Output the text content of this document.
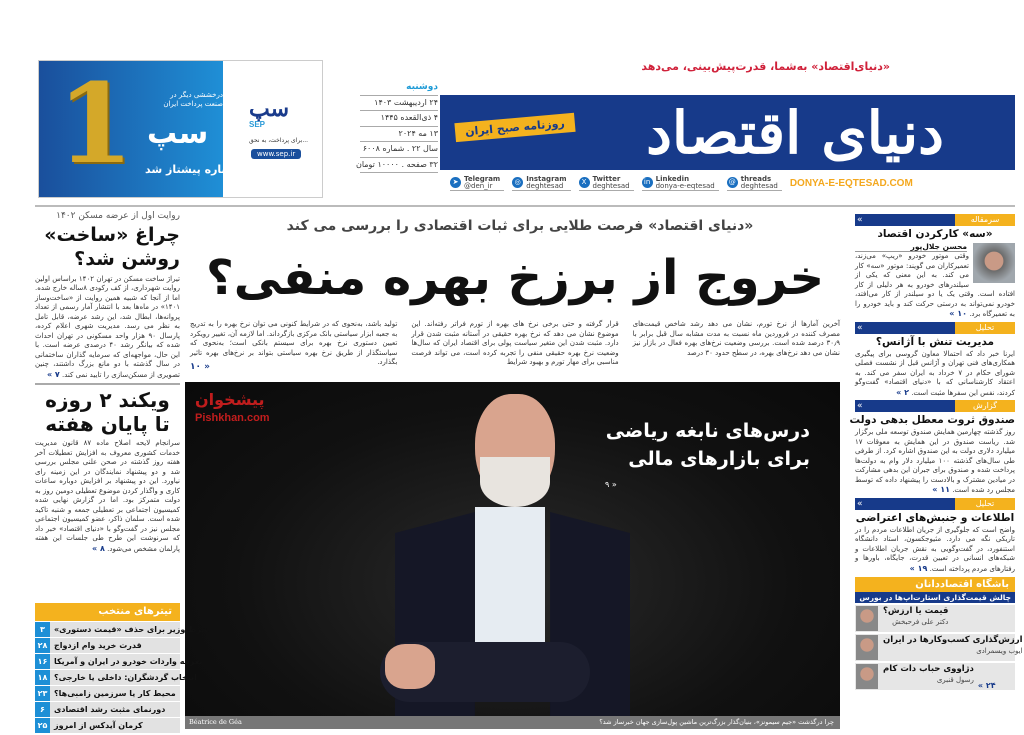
1	درخششی دیگر در صنعت پرداخت ایران
سپ
دوباره پیشتاز شد
سپ
SEP
برای پرداخت، به نحق...
www.sep.ir
«دنیای‌اقتصاد» به‌شما، قدرت‌پیش‌بینی، می‌دهد
دنیای اقتصاد
روزنامه صبح ایران
دوشنبه
۲۴ اردیبهشت ۱۴۰۳
۴ ذی‌القعده ۱۴۴۵
۱۳ مه ۲۰۲۴
سال ۲۲ . شماره ۶۰۰۸
۳۲ صفحه . ۱۰۰۰۰ تومان
➤ Telegram
@den_ir	◎ Instagram
deghtesad	X Twitter
deghtesad	in Linkedin
donya-e-eqtesad @ threads
deghtesad DONYA-E-EQTESAD.COM
«دنیای اقتصاد» فرصت طلایی برای ثبات اقتصادی را بررسی می کند
خروج از برزخ بهره منفی؟
آخرین آمارها از نرخ تورم، نشان می دهد رشد شاخص قیمت‌های مصرف کننده در فروردین ماه نسبت به مدت مشابه سال قبل برابر با ۳۰٫۹ درصد شده است. بررسی وضعیت نرخ‌های بهره فعال در بازار نیز نشان می دهد نرخ‌های بهره، در سطح حدود ۳۰ درصد
قرار گرفته و حتی برخی نرخ های بهره از تورم فراتر رفته‌اند. این موضوع نشان می دهد که نرخ بهره حقیقی در آستانه مثبت شدن قرار دارد. مثبت شدن این متغیر سیاست پولی برای اقتصاد ایران که سال‌ها وضعیت نرخ بهره حقیقی منفی را تجربه کرده است، می تواند فرصت مناسبی برای مهار تورم و بهبود شرایط
تولید باشد، به‌نحوی که در شرایط کنونی می توان نرخ بهره را به تدریج به جعبه ابزار سیاستی بانک مرکزی بازگرداند. اما لازمه آن، تغییر رویکرد تعیین دستوری نرخ بهره برای سیستم بانکی است؛ به‌نحوی که سیاستگذار از طریق نرخ بهره سیاستی بتواند بر نرخ‌های بهره تاثیر بگذارد.
۱۰ »
پیشخوان
Pishkhan.com
درس‌های نابغه ریاضی
برای بازارهای مالی
۹ »
Béatrice de Géa	چرا درگذشت «جیم سیمونز»، بنیان‌گذار بزرگ‌ترین ماشین پول‌سازی جهان خبرساز شد؟
روایت اول از عرضه مسکن ۱۴۰۲
چراغ «ساخت» روشن شد؟
تیراژ ساخت مسکن در تهران ۱۴۰۲ براساس اولین روایت شهرداری، از کف رکودی ۸ساله خارج شده. اما از آنجا که شبیه همین روایت از «ساخت‌وساز ۱۴۰۱» در ماه‌ها بعد با انتشار آمار رسمی از تعداد پروانه‌ها، ابطال شد، این رشد عرضه، قابل تامل به نظر می رسد. مدیریت شهری اعلام کرده، پارسال ۹۰ هزار واحد مسکونی در تهران احداث شده که بیانگر رشد ۴۰ درصدی عرضه است. با این حال، مواجهه‌ای که سرمایه گذاران ساختمانی در سال گذشته با دو مانع بزرگ داشتند، چنین تصویری از مسکن‌سازی را تایید نمی کند. ۷ »
ویکند ۲ روزه تا پایان هفته
سرانجام لایحه اصلاح ماده ۸۷ قانون مدیریت خدمات کشوری معروف به افزایش تعطیلات آخر هفته روز گذشته در صحن علنی مجلس بررسی شد و دو پیشنهاد نمایندگان در این زمینه رای نیاورد. این دو پیشنهاد بر افزایش دوباره ساعات کاری و واگذار کردن موضوع تعطیلی دومین روز به دولت متمرکز بود. اما در گزارش نهایی شده کمیسیون اجتماعی بر تعطیلی جمعه و شنبه تاکید شده است. سلمان ذاکر، عضو کمیسیون اجتماعی مجلس نیز در گفت‌وگو با «دنیای اقتصاد» خبر داد که سرنوشت این طرح طی جلسات این هفته پارلمان مشخص می‌شود. ۸ »
تیترهای منتخب
۳	شرط وزیر برای حذف «قیمت دستوری»
۲۸ قدرت خرید وام ازدواج
۱۶ تعرفه واردات خودرو در ایران و آمریکا
۱۸ انتخاب گردشگران: داخلی یا خارجی؟
۲۳ محیط کار یا سرزمین زامبی‌ها؟
۶	دورنمای مثبت رشد اقتصادی
۲۵ کرمان آیدکس از امروز
«	سرمقاله
«سه» کارکردن اقتصاد
محسن جلال‌پور
وقتی موتور خودرو «ریپ» می‌زند، تعمیرکاران می گویند: موتور «سه» کار می کند. به این معنی که یکی از سیلندرهای خودرو به هر دلیلی از کار افتاده است. وقتی یک یا دو سیلندر از کار می‌افتد، خودرو نمی‌تواند به درستی حرکت کند و باید خودرو را به تعمیرگاه برد. ۱۰ »
«	تحلیل
مدیریت تنش با آژانس؟
ایرنا خبر داد که احتمالا معاون گروسی برای پیگیری همکاری‌های فنی تهران و آژانس قبل از نشست فصلی شورای حکام در ۷ خرداد به ایران سفر می کند. به اعتقاد کارشناسانی که با «دنیای اقتصاد» گفت‌وگو کردند، نفس این سفرها مثبت است. ۲ »
«	گزارش
صندوق ثروت معطل بدهی دولت
روز گذشته چهارمین همایش صندوق توسعه ملی برگزار شد. ریاست صندوق در این همایش به معوقات ۱۷ میلیارد دلاری دولت به این صندوق اشاره کرد. از طرفی طی سال‌های گذشته ۱۰۰ میلیارد دلار وام به دولت‌ها پرداخت شده و صندوق برای جبران این بدهی مشارکت در میادین مشترک و بالادست را پیشنهاد داده که توسط مجلس رد شده است. ۱۱ »
«	تحلیل
اطلاعات و جنبش‌های اعتراضی
واضح است که جلوگیری از جریان اطلاعات مردم را در تاریکی نگه می دارد. مثیوجکسون، استاد دانشگاه استنفورد، در گفت‌وگویی به نقش جریان اطلاعات و شبکه‌های انسانی در تعیین قدرت، جایگاه، باورها و رفتارهای مردم پرداخته است. ۱۹ »
باشگاه اقتصاددانان
چالش قیمت‌گذاری استارت‌اپ‌ها در بورس
قیمت یا ارزش؟
دکتر علی فرحبخش
ارزش‌گذاری کسب‌وکارها در ایران
ایوب ویسمرادی
دژاووی حباب دات کام
رسول قنبری
۲۴ »
